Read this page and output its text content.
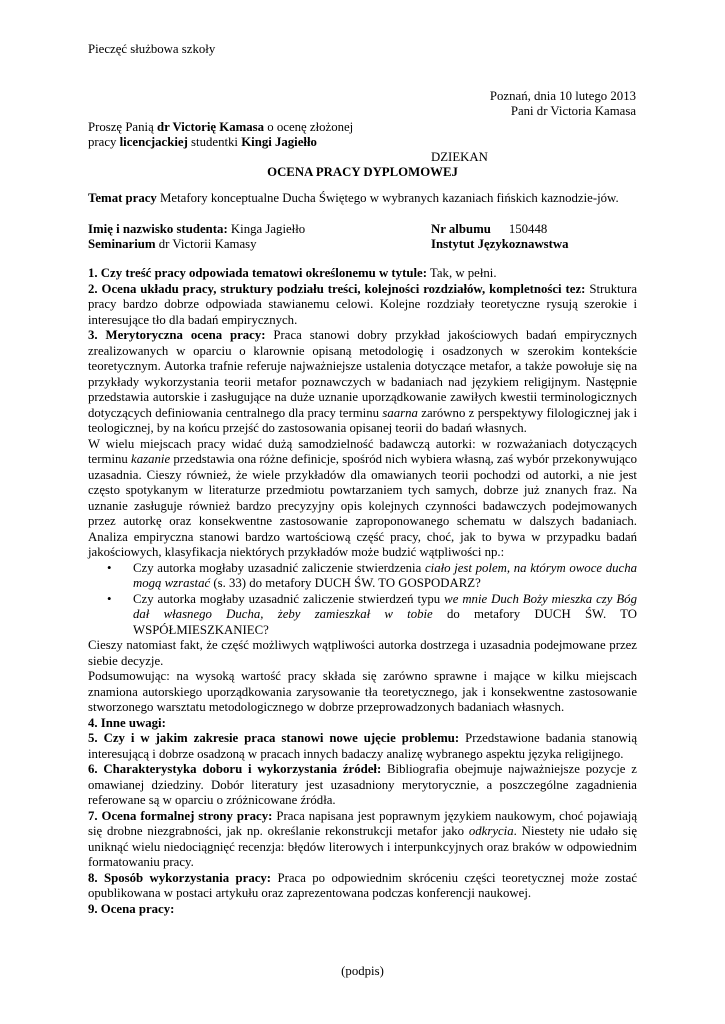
Pieczęć służbowa szkoły
Poznań, dnia 10 lutego 2013
Pani dr Victoria Kamasa
Proszę Panią dr Victorię Kamasa o ocenę złożonej
pracy licencjackiej studentki Kingi Jagiełło
DZIEKAN
OCENA PRACY DYPLOMOWEJ
Temat pracy Metafory konceptualne Ducha Świętego w wybranych kazaniach fińskich kaznodzie-jów.
Imię i nazwisko studenta: Kinga Jagiełło	Nr albumu 150448
Seminarium dr Victorii Kamasy	Instytut Językoznawstwa

1. Czy treść pracy odpowiada tematowi określonemu w tytule: Tak, w pełni.

2. Ocena układu pracy, struktury podziału treści, kolejności rozdziałów, kompletności tez: Struktura pracy bardzo dobrze odpowiada stawianemu celowi. Kolejne rozdziały teoretyczne rysują szerokie i interesujące tło dla badań empirycznych.

3. Merytoryczna ocena pracy: Praca stanowi dobry przykład jakościowych badań empirycznych zrealizowanych w oparciu o klarownie opisaną metodologię i osadzonych w szerokim kontekście teoretycznym. Autorka trafnie referuje najważniejsze ustalenia dotyczące metafor, a także powołuje się na przykłady wykorzystania teorii metafor poznawczych w badaniach nad językiem religijnym. Następnie przedstawia autorskie i zasługujące na duże uznanie uporządkowanie zawiłych kwestii terminologicznych dotyczących definiowania centralnego dla pracy terminu saarna zarówno z perspektywy filologicznej jak i teologicznej, by na końcu przejść do zastosowania opisanej teorii do badań własnych.

W wielu miejscach pracy widać dużą samodzielność badawczą autorki: w rozważaniach dotyczących terminu kazanie przedstawia ona różne definicje, spośród nich wybiera własną, zaś wybór przekonywująco uzasadnia. Cieszy również, że wiele przykładów dla omawianych teorii pochodzi od autorki, a nie jest często spotykanym w literaturze przedmiotu powtarzaniem tych samych, dobrze już znanych fraz. Na uznanie zasługuje również bardzo precyzyjny opis kolejnych czynności badawczych podejmowanych przez autorkę oraz konsekwentne zastosowanie zaproponowanego schematu w dalszych badaniach. Analiza empiryczna stanowi bardzo wartościową część pracy, choć, jak to bywa w przypadku badań jakościowych, klasyfikacja niektórych przykładów może budzić wątpliwości np.:

• Czy autorka mogłaby uzasadnić zaliczenie stwierdzenia ciało jest polem, na którym owoce ducha mogą wzrastać (s. 33) do metafory DUCH ŚW. TO GOSPODARZ?
• Czy autorka mogłaby uzasadnić zaliczenie stwierdzeń typu we mnie Duch Boży mieszka czy Bóg dał własnego Ducha, żeby zamieszkał w tobie do metafory DUCH ŚW. TO WSPÓŁMIESZKANIEC?

Cieszy natomiast fakt, że część możliwych wątpliwości autorka dostrzega i uzasadnia podejmowane przez siebie decyzje.

Podsumowując: na wysoką wartość pracy składa się zarówno sprawne i mające w kilku miejscach znamiona autorskiego uporządkowania zarysowanie tła teoretycznego, jak i konsekwentne zastosowanie stworzonego warsztatu metodologicznego w dobrze przeprowadzonych badaniach własnych.

4. Inne uwagi:

5. Czy i w jakim zakresie praca stanowi nowe ujęcie problemu: Przedstawione badania stanowią interesującą i dobrze osadzoną w pracach innych badaczy analizę wybranego aspektu języka religijnego.

6. Charakterystyka doboru i wykorzystania źródeł: Bibliografia obejmuje najważniejsze pozycje z omawianej dziedziny. Dobór literatury jest uzasadniony merytorycznie, a poszczególne zagadnienia referowane są w oparciu o zróżnicowane źródła.

7. Ocena formalnej strony pracy: Praca napisana jest poprawnym językiem naukowym, choć pojawiają się drobne niezgrabności, jak np. określanie rekonstrukcji metafor jako odkrycia. Niestety nie udało się uniknąć wielu niedociągnięć recenzja: błędów literowych i interpunkcyjnych oraz braków w odpowiednim formatowaniu pracy.

8. Sposób wykorzystania pracy: Praca po odpowiednim skróceniu części teoretycznej może zostać opublikowana w postaci artykułu oraz zaprezentowana podczas konferencji naukowej.

9. Ocena pracy:

(podpis)
